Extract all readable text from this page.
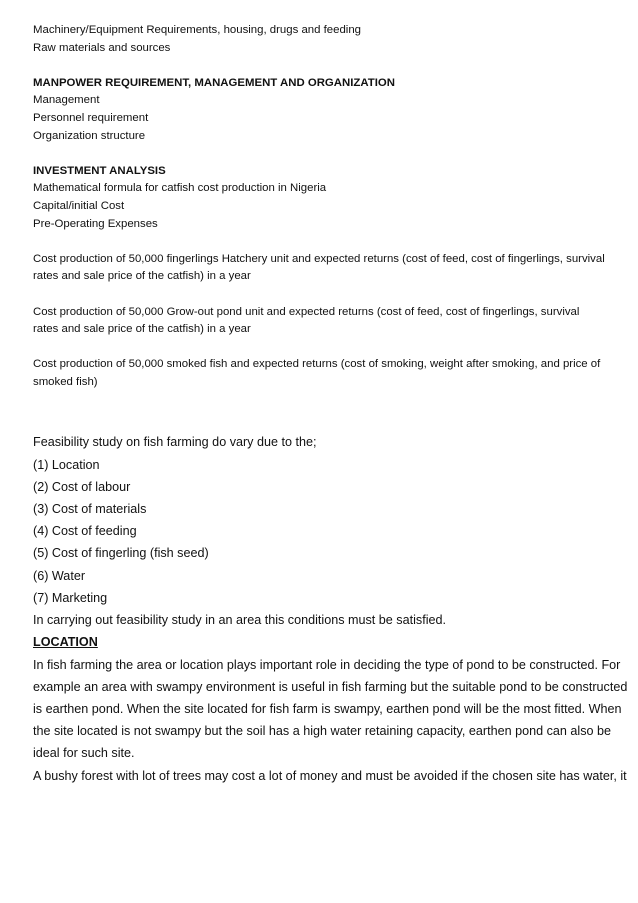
Machinery/Equipment Requirements, housing, drugs and feeding

Raw materials and sources

MANPOWER REQUIREMENT, MANAGEMENT AND ORGANIZATION

Management

Personnel requirement

Organization structure

INVESTMENT ANALYSIS

Mathematical formula for catfish cost production in Nigeria

Capital/initial Cost

Pre-Operating Expenses

Cost production of 50,000 fingerlings Hatchery unit and expected returns (cost of feed, cost of fingerlings, survival

rates and sale price of the catfish) in a year

Cost production of 50,000 Grow-out pond unit and expected returns (cost of feed, cost of fingerlings, survival

rates and sale price of the catfish) in a year

Cost production of 50,000 smoked fish and expected returns (cost of smoking, weight after smoking, and price of

smoked fish)

Feasibility study on fish farming do vary due to the;

(1) Location

(2) Cost of labour

(3) Cost of materials

(4) Cost of feeding

(5) Cost of fingerling (fish seed)

(6) Water

(7) Marketing

In carrying out feasibility study in an area this conditions must be satisfied.

LOCATION

In fish farming the area or location plays important role in deciding the type of pond to be constructed. For

example an area with swampy environment is useful in fish farming but the suitable pond to be constructed

is earthen pond. When the site located for fish farm is swampy, earthen pond will be the most fitted. When

the site located is not swampy but the soil has a high water retaining capacity, earthen pond can also be

ideal for such site.

A bushy forest with lot of trees may cost a lot of money and must be avoided if the chosen site has water, it
